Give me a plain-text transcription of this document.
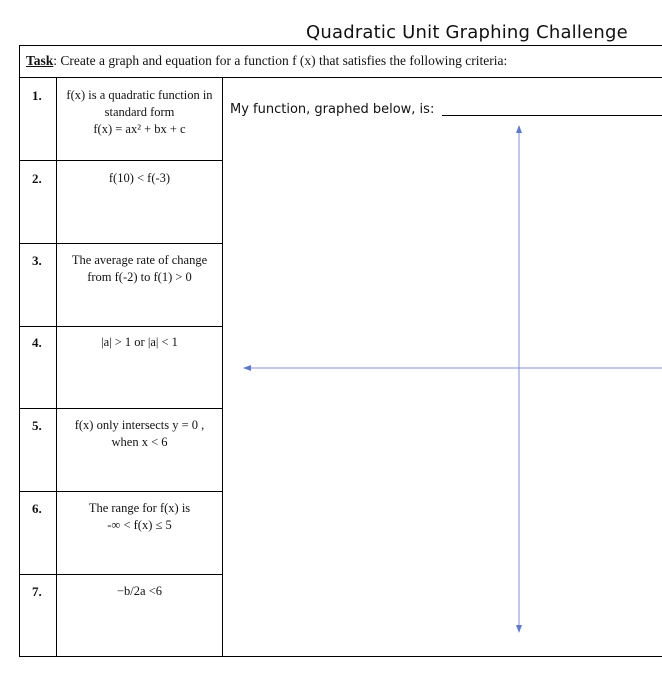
Quadratic Unit Graphing Challenge
Task: Create a graph and equation for a function f (x) that satisfies the following criteria:
1.	f(x) is a quadratic function in
standard form
f(x) = ax² + bx + c
2.	f(10) < f(-3)
3.	The average rate of change
from f(-2) to f(1) > 0
4.	|a| > 1 or |a| < 1
5.	f(x) only intersects y = 0 ,
when x < 6
6.	The range for f(x) is
-∞ < f(x) ≤ 5
7.	−b/2a <6
My function, graphed below, is:
